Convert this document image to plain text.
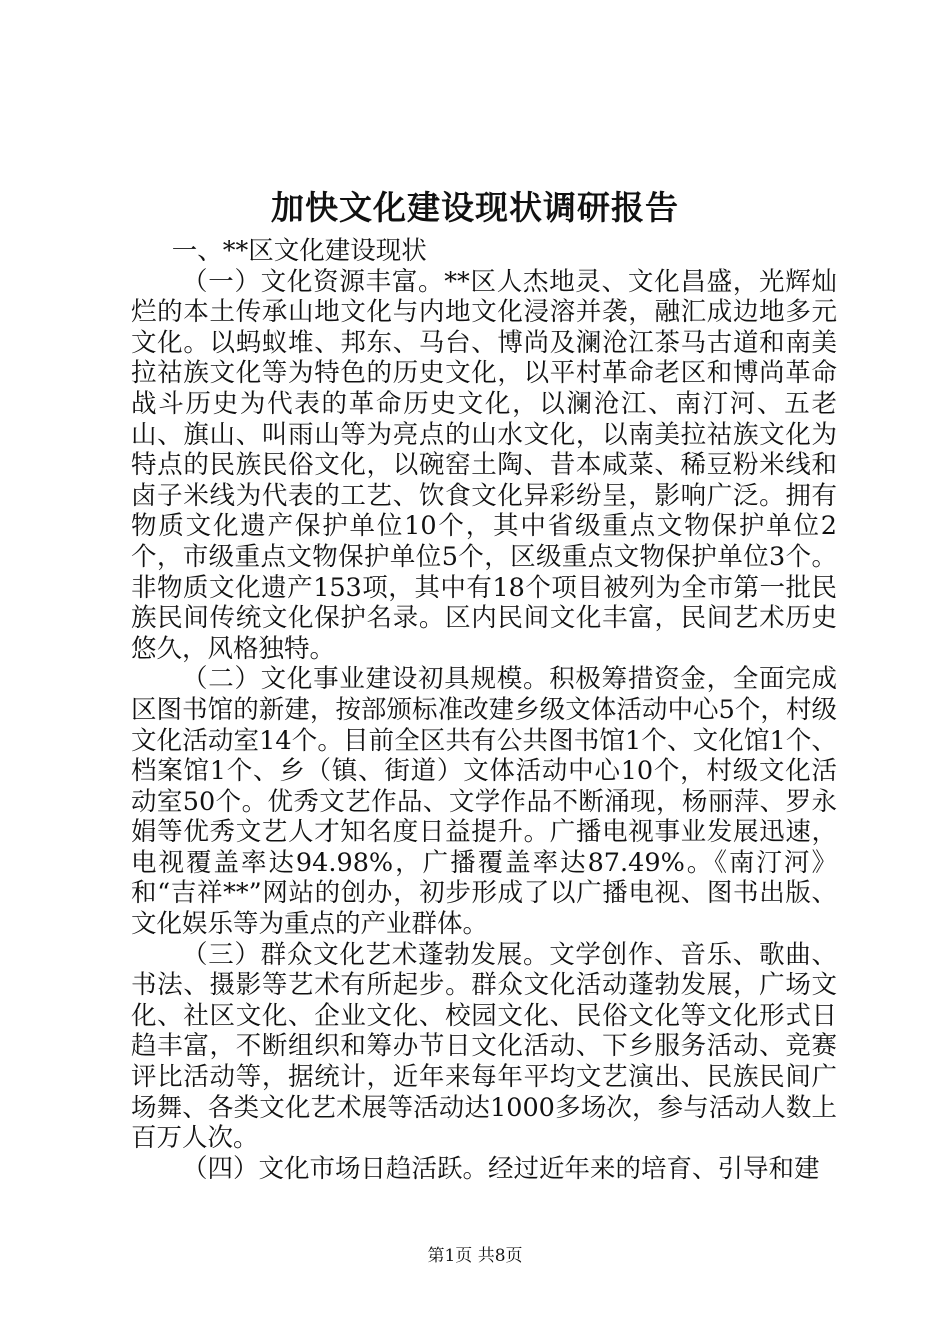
加快文化建设现状调研报告

一、**区文化建设现状

（一）文化资源丰富。**区人杰地灵、文化昌盛，光辉灿烂的本土传承山地文化与内地文化浸溶并袭，融汇成边地多元文化。以蚂蚁堆、邦东、马台、博尚及澜沧江茶马古道和南美拉祜族文化等为特色的历史文化，以平村革命老区和博尚革命战斗历史为代表的革命历史文化，以澜沧江、南汀河、五老山、旗山、叫雨山等为亮点的山水文化，以南美拉祜族文化为特点的民族民俗文化，以碗窑土陶、昔本咸菜、稀豆粉米线和卤子米线为代表的工艺、饮食文化异彩纷呈，影响广泛。拥有物质文化遗产保护单位10个，其中省级重点文物保护单位2个，市级重点文物保护单位5个，区级重点文物保护单位3个。非物质文化遗产153项，其中有18个项目被列为全市第一批民族民间传统文化保护名录。区内民间文化丰富，民间艺术历史悠久，风格独特。

（二）文化事业建设初具规模。积极筹措资金，全面完成区图书馆的新建，按部颁标准改建乡级文体活动中心5个，村级文化活动室14个。目前全区共有公共图书馆1个、文化馆1个、档案馆1个、乡（镇、街道）文体活动中心10个，村级文化活动室50个。优秀文艺作品、文学作品不断涌现，杨丽萍、罗永娟等优秀文艺人才知名度日益提升。广播电视事业发展迅速，电视覆盖率达94.98%，广播覆盖率达87.49%。《南汀河》和“吉祥**”网站的创办，初步形成了以广播电视、图书出版、文化娱乐等为重点的产业群体。

（三）群众文化艺术蓬勃发展。文学创作、音乐、歌曲、书法、摄影等艺术有所起步。群众文化活动蓬勃发展，广场文化、社区文化、企业文化、校园文化、民俗文化等文化形式日趋丰富，不断组织和筹办节日文化活动、下乡服务活动、竞赛评比活动等，据统计，近年来每年平均文艺演出、民族民间广场舞、各类文化艺术展等活动达1000多场次，参与活动人数上百万人次。

（四）文化市场日趋活跃。经过近年来的培育、引导和建

第1页 共8页
